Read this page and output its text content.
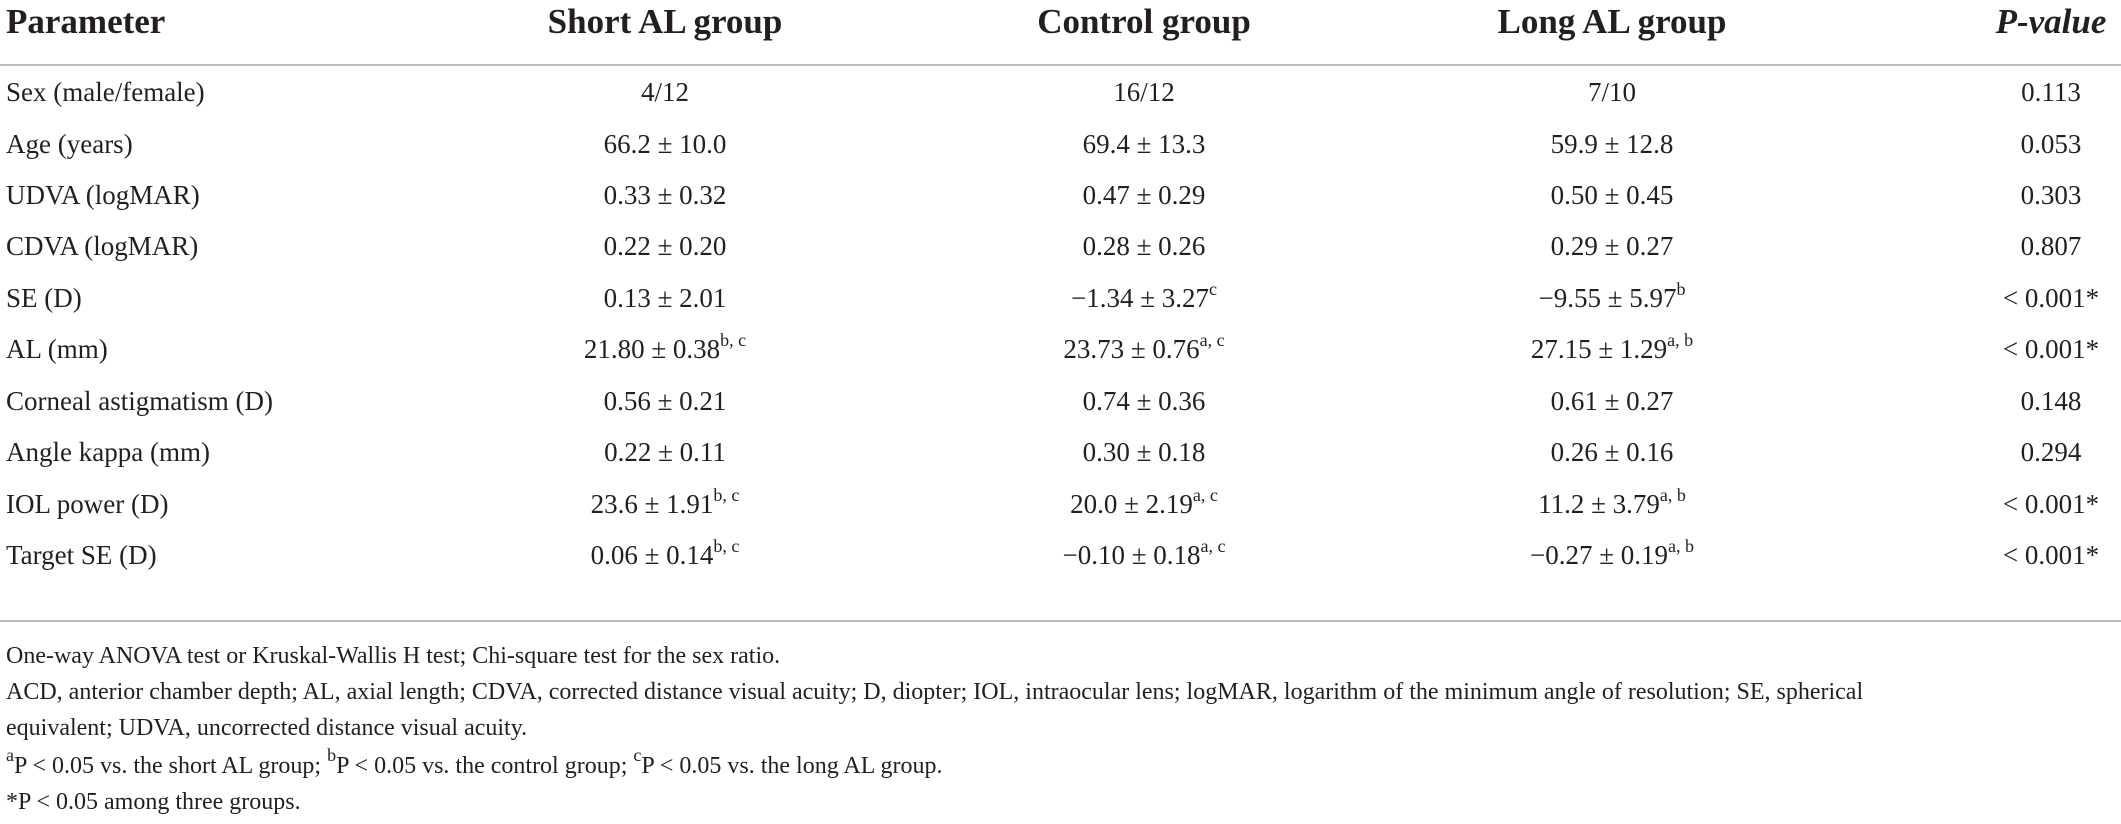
Parameter	Short AL group	Control group	Long AL group	P-value
Sex (male/female)	4/12	16/12	7/10	0.113
Age (years)	66.2 ± 10.0	69.4 ± 13.3	59.9 ± 12.8	0.053
UDVA (logMAR)	0.33 ± 0.32	0.47 ± 0.29	0.50 ± 0.45	0.303
CDVA (logMAR)	0.22 ± 0.20	0.28 ± 0.26	0.29 ± 0.27	0.807
SE (D)	0.13 ± 2.01	−1.34 ± 3.27$^c$	−9.55 ± 5.97$^b$	< 0.001*
AL (mm)	$21.80 \pm 0.38^{b, c}$	$23.73 \pm 0.76^{a, c}$	$27.15 \pm 1.29^{a, b}$	< 0.001*
Corneal astigmatism (D)	0.56 ± 0.21	0.74 ± 0.36	0.61 ± 0.27	0.148
Angle kappa (mm)	0.22 ± 0.11	0.30 ± 0.18	0.26 ± 0.16	0.294
IOL power (D)	$23.6 \pm 1.91^{b, c}$	$20.0 \pm 2.19^{a, c}$	$11.2 \pm 3.79^{a, b}$	< 0.001*
Target SE (D)	$0.06 \pm 0.14^{b, c}$	$-0.10 \pm 0.18^{a, c}$	$-0.27 \pm 0.19^{a, b}$	< 0.001*
One-way ANOVA test or Kruskal-Wallis H test; Chi-square test for the sex ratio.
ACD, anterior chamber depth; AL, axial length; CDVA, corrected distance visual acuity; D, diopter; IOL, intraocular lens; logMAR, logarithm of the minimum angle of resolution; SE, spherical
equivalent; UDVA, uncorrected distance visual acuity.
$^a$P < 0.05 vs. the short AL group; $^b$P < 0.05 vs. the control group; $^c$P < 0.05 vs. the long AL group.
*P < 0.05 among three groups.
